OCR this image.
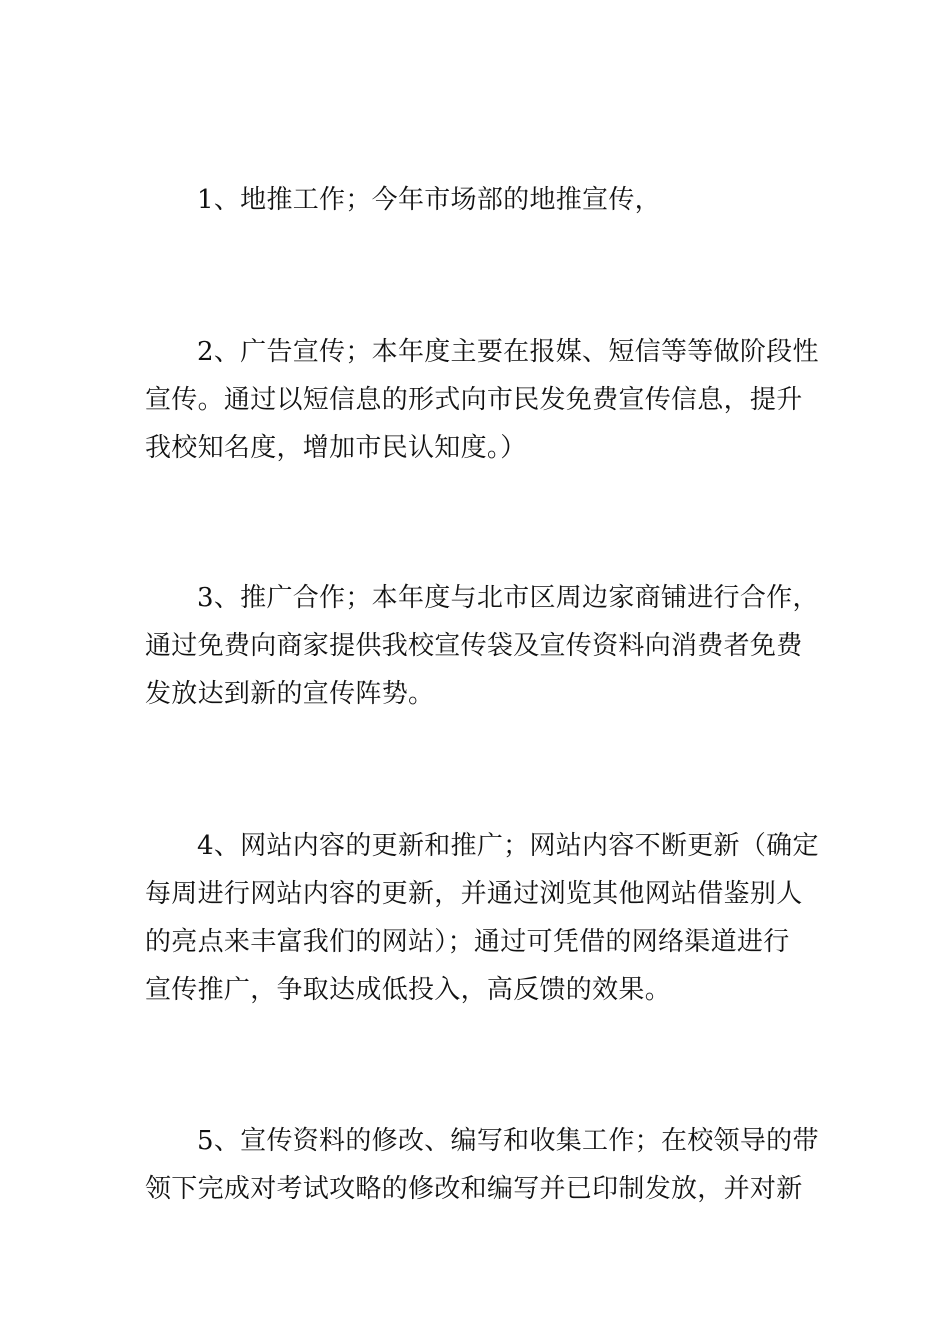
1、地推工作；今年市场部的地推宣传，
2、广告宣传；本年度主要在报媒、短信等等做阶段性
宣传。通过以短信息的形式向市民发免费宣传信息，提升
我校知名度，增加市民认知度。）
3、推广合作；本年度与北市区周边家商铺进行合作，
通过免费向商家提供我校宣传袋及宣传资料向消费者免费
发放达到新的宣传阵势。
4、网站内容的更新和推广；网站内容不断更新（确定
每周进行网站内容的更新，并通过浏览其他网站借鉴别人
的亮点来丰富我们的网站）；通过可凭借的网络渠道进行
宣传推广，争取达成低投入，高反馈的效果。
5、宣传资料的修改、编写和收集工作；在校领导的带
领下完成对考试攻略的修改和编写并已印制发放，并对新
